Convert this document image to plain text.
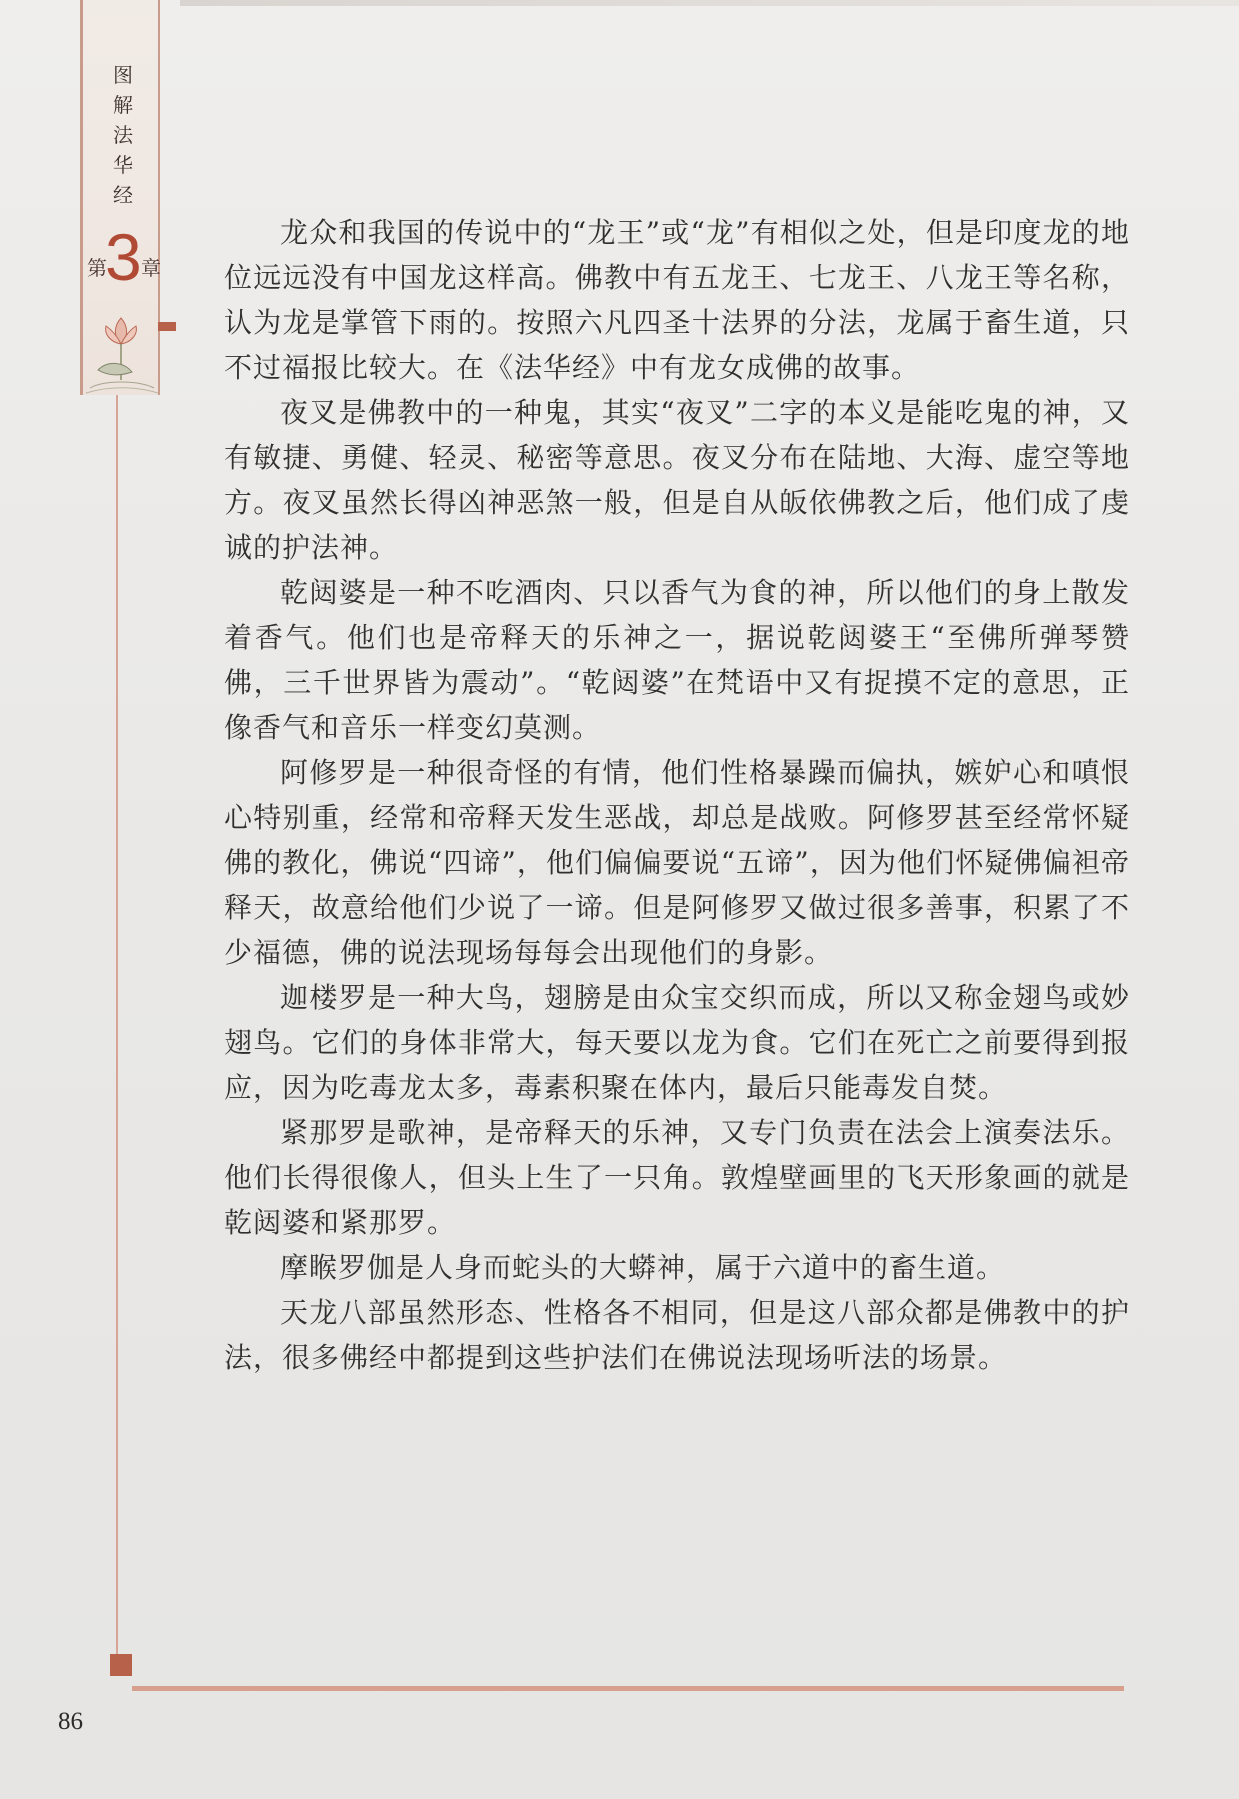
图解法华经
第
3 章

龙众和我国的传说中的“龙王”或“龙”有相似之处，但是印度龙的地位远远没有中国龙这样高。佛教中有五龙王、七龙王、八龙王等名称，认为龙是掌管下雨的。按照六凡四圣十法界的分法，龙属于畜生道，只不过福报比较大。在《法华经》中有龙女成佛的故事。

夜叉是佛教中的一种鬼，其实“夜叉”二字的本义是能吃鬼的神，又有敏捷、勇健、轻灵、秘密等意思。夜叉分布在陆地、大海、虚空等地方。夜叉虽然长得凶神恶煞一般，但是自从皈依佛教之后，他们成了虔诚的护法神。

乾闼婆是一种不吃酒肉、只以香气为食的神，所以他们的身上散发着香气。他们也是帝释天的乐神之一，据说乾闼婆王“至佛所弹琴赞佛，三千世界皆为震动”。“乾闼婆”在梵语中又有捉摸不定的意思，正像香气和音乐一样变幻莫测。

阿修罗是一种很奇怪的有情，他们性格暴躁而偏执，嫉妒心和嗔恨心特别重，经常和帝释天发生恶战，却总是战败。阿修罗甚至经常怀疑佛的教化，佛说“四谛”，他们偏偏要说“五谛”，因为他们怀疑佛偏袒帝释天，故意给他们少说了一谛。但是阿修罗又做过很多善事，积累了不少福德，佛的说法现场每每会出现他们的身影。

迦楼罗是一种大鸟，翅膀是由众宝交织而成，所以又称金翅鸟或妙翅鸟。它们的身体非常大，每天要以龙为食。它们在死亡之前要得到报应，因为吃毒龙太多，毒素积聚在体内，最后只能毒发自焚。

紧那罗是歌神，是帝释天的乐神，又专门负责在法会上演奏法乐。他们长得很像人，但头上生了一只角。敦煌壁画里的飞天形象画的就是乾闼婆和紧那罗。

摩睺罗伽是人身而蛇头的大蟒神，属于六道中的畜生道。

天龙八部虽然形态、性格各不相同，但是这八部众都是佛教中的护法，很多佛经中都提到这些护法们在佛说法现场听法的场景。

86
